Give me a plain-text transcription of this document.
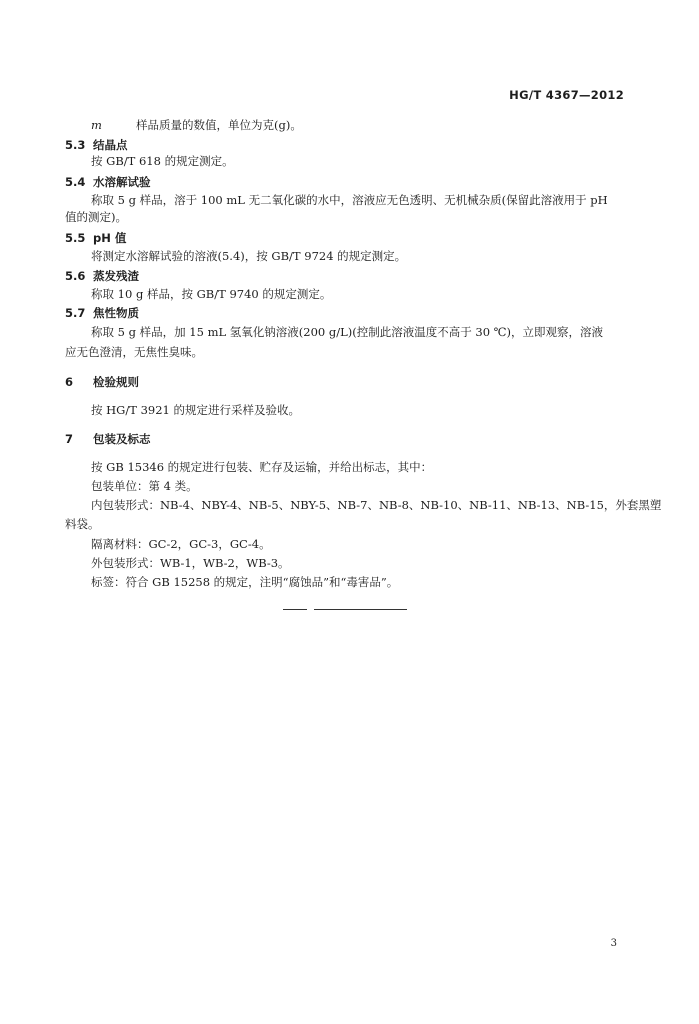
HG/T 4367—2012
m	样品质量的数值，单位为克(g)。
5.3 结晶点
按 GB/T 618 的规定测定。
5.4 水溶解试验
称取 5 g 样品，溶于 100 mL 无二氧化碳的水中，溶液应无色透明、无机械杂质(保留此溶液用于 pH
值的测定)。
5.5 pH 值
将测定水溶解试验的溶液(5.4)，按 GB/T 9724 的规定测定。
5.6 蒸发残渣
称取 10 g 样品，按 GB/T 9740 的规定测定。
5.7 焦性物质
称取 5 g 样品，加 15 mL 氢氧化钠溶液(200 g/L)(控制此溶液温度不高于 30 ℃)，立即观察，溶液
应无色澄清，无焦性臭味。
6 检验规则
按 HG/T 3921 的规定进行采样及验收。
7 包装及标志
按 GB 15346 的规定进行包装、贮存及运输，并给出标志，其中：
包装单位：第 4 类。
内包装形式：NB-4、NBY-4、NB-5、NBY-5、NB-7、NB-8、NB-10、NB-11、NB-13、NB-15，外套黑塑
料袋。
隔离材料：GC-2，GC-3，GC-4。
外包装形式：WB-1，WB-2，WB-3。
标签：符合 GB 15258 的规定，注明“腐蚀品”和“毒害品”。
3
